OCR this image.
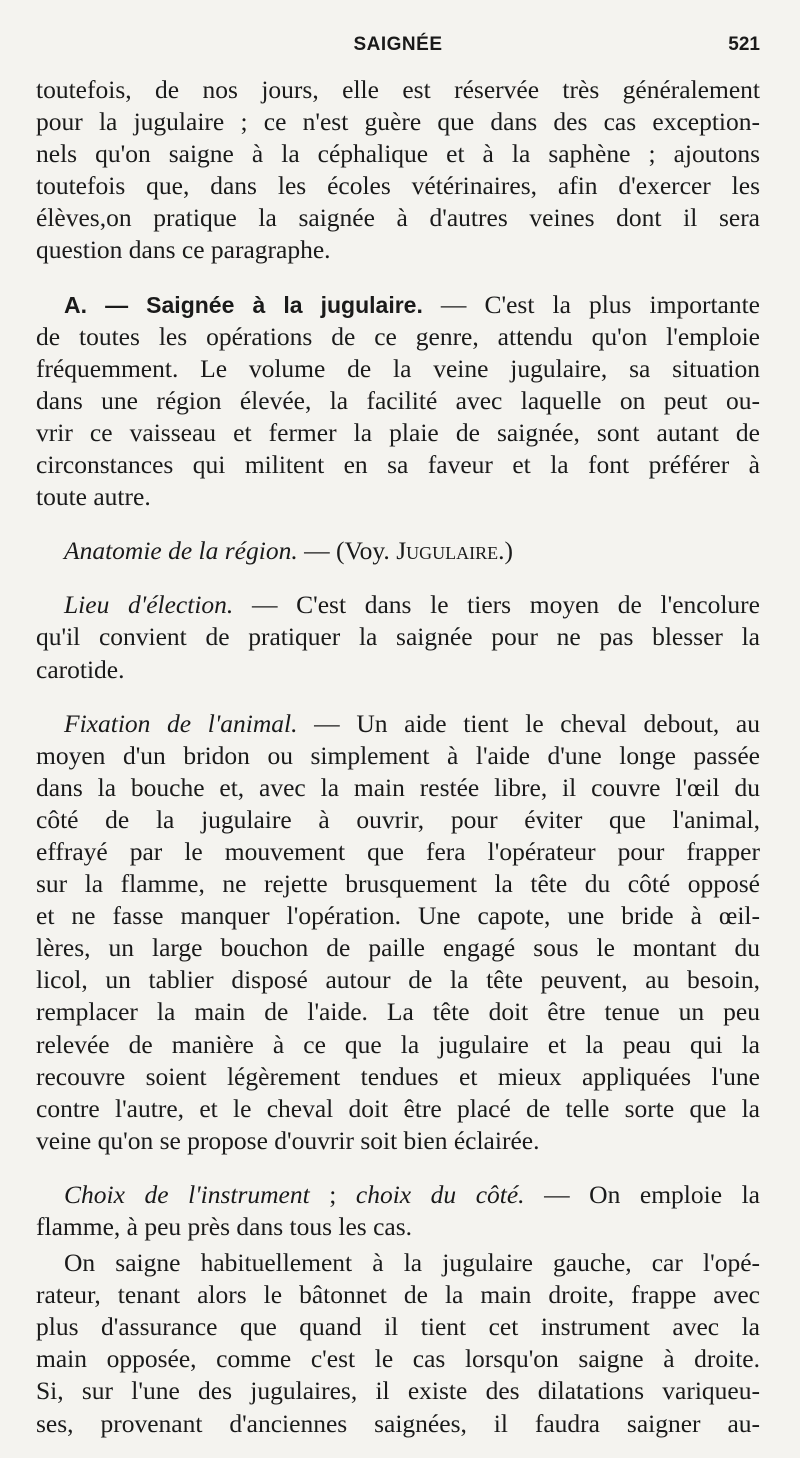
SAIGNÉE	521

toutefois, de nos jours, elle est réservée très généralement
pour la jugulaire ; ce n'est guère que dans des cas exception-
nels qu'on saigne à la céphalique et à la saphène ; ajoutons
toutefois que, dans les écoles vétérinaires, afin d'exercer les
élèves,on pratique la saignée à d'autres veines dont il sera
question dans ce paragraphe.

A. — Saignée à la jugulaire. — C'est la plus importante
de toutes les opérations de ce genre, attendu qu'on l'emploie
fréquemment. Le volume de la veine jugulaire, sa situation
dans une région élevée, la facilité avec laquelle on peut ou-
vrir ce vaisseau et fermer la plaie de saignée, sont autant de
circonstances qui militent en sa faveur et la font préférer à
toute autre.

Anatomie de la région. — (Voy. Jugulaire.)

Lieu d'élection. — C'est dans le tiers moyen de l'encolure
qu'il convient de pratiquer la saignée pour ne pas blesser la
carotide.

Fixation de l'animal. — Un aide tient le cheval debout, au
moyen d'un bridon ou simplement à l'aide d'une longe passée
dans la bouche et, avec la main restée libre, il couvre l'œil du
côté de la jugulaire à ouvrir, pour éviter que l'animal,
effrayé par le mouvement que fera l'opérateur pour frapper
sur la flamme, ne rejette brusquement la tête du côté opposé
et ne fasse manquer l'opération. Une capote, une bride à œil-
lères, un large bouchon de paille engagé sous le montant du
licol, un tablier disposé autour de la tête peuvent, au besoin,
remplacer la main de l'aide. La tête doit être tenue un peu
relevée de manière à ce que la jugulaire et la peau qui la
recouvre soient légèrement tendues et mieux appliquées l'une
contre l'autre, et le cheval doit être placé de telle sorte que la
veine qu'on se propose d'ouvrir soit bien éclairée.

Choix de l'instrument ; choix du côté. — On emploie la
flamme, à peu près dans tous les cas.

On saigne habituellement à la jugulaire gauche, car l'opé-
rateur, tenant alors le bâtonnet de la main droite, frappe avec
plus d'assurance que quand il tient cet instrument avec la
main opposée, comme c'est le cas lorsqu'on saigne à droite.
Si, sur l'une des jugulaires, il existe des dilatations variqueu-
ses, provenant d'anciennes saignées, il faudra saigner au-
